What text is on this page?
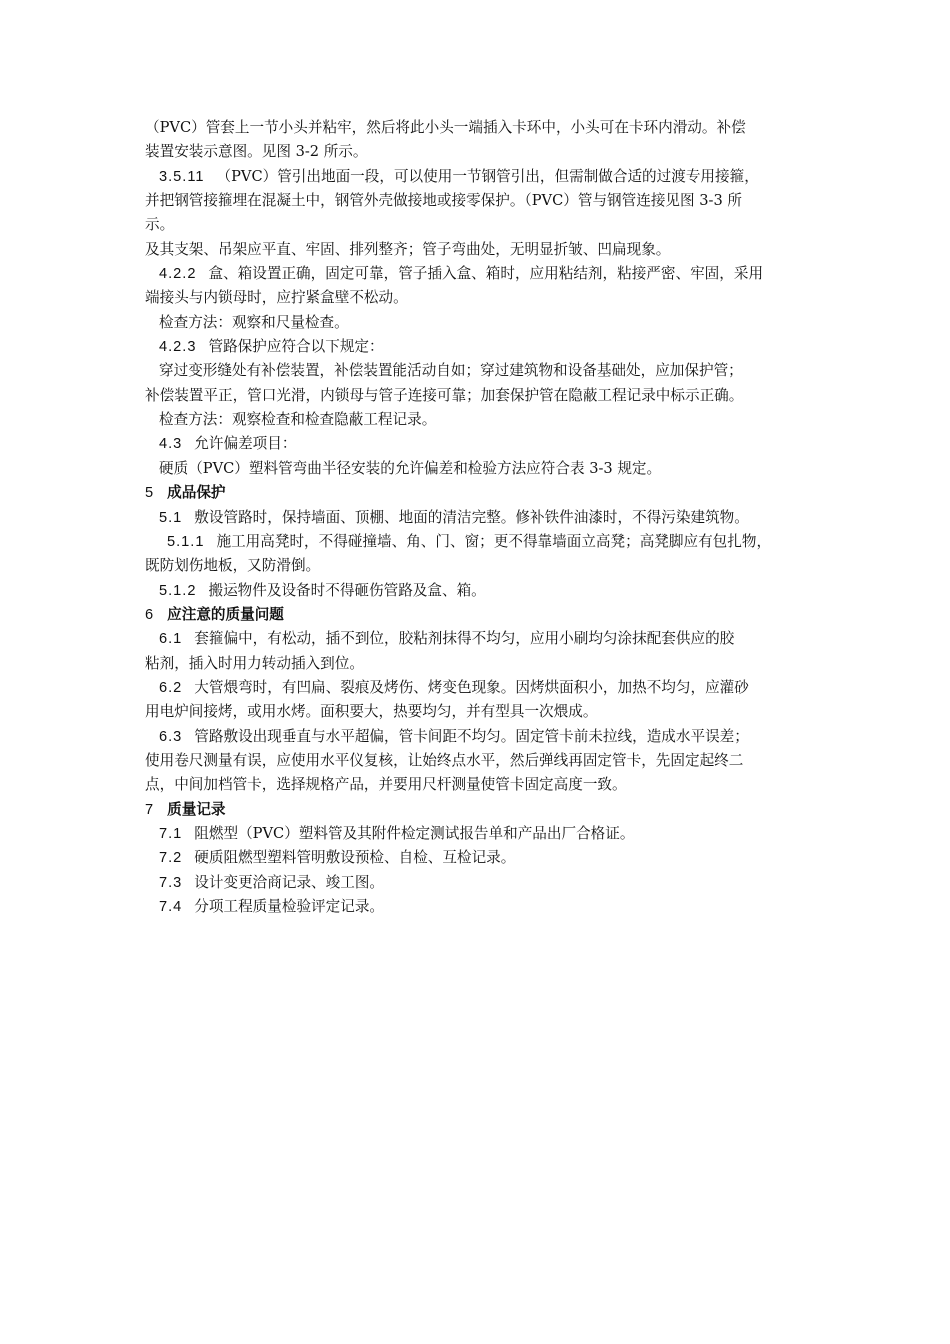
（PVC）管套上一节小头并粘牢，然后将此小头一端插入卡环中，小头可在卡环内滑动。补偿
装置安装示意图。见图 3-2 所示。
3.5.11 （PVC）管引出地面一段，可以使用一节钢管引出，但需制做合适的过渡专用接箍，
并把钢管接箍埋在混凝土中，钢管外壳做接地或接零保护。（PVC）管与钢管连接见图 3-3 所
示。
及其支架、吊架应平直、牢固、排列整齐；管子弯曲处，无明显折皱、凹扁现象。
4.2.2 盒、箱设置正确，固定可靠，管子插入盒、箱时，应用粘结剂，粘接严密、牢固，采用
端接头与内锁母时，应拧紧盒壁不松动。
检查方法：观察和尺量检查。
4.2.3 管路保护应符合以下规定：
穿过变形缝处有补偿装置，补偿装置能活动自如；穿过建筑物和设备基础处，应加保护管；
补偿装置平正，管口光滑，内锁母与管子连接可靠；加套保护管在隐蔽工程记录中标示正确。
检查方法：观察检查和检查隐蔽工程记录。
4.3 允许偏差项目：
硬质（PVC）塑料管弯曲半径安装的允许偏差和检验方法应符合表 3-3 规定。
5 成品保护
5.1 敷设管路时，保持墙面、顶棚、地面的清洁完整。修补铁件油漆时，不得污染建筑物。
5.1.1 施工用高凳时，不得碰撞墙、角、门、窗；更不得靠墙面立高凳；高凳脚应有包扎物，
既防划伤地板，又防滑倒。
5.1.2 搬运物件及设备时不得砸伤管路及盒、箱。
6 应注意的质量问题
6.1 套箍偏中，有松动，插不到位，胶粘剂抹得不均匀，应用小刷均匀涂抹配套供应的胶
粘剂，插入时用力转动插入到位。
6.2 大管煨弯时，有凹扁、裂痕及烤伤、烤变色现象。因烤烘面积小，加热不均匀，应灌砂
用电炉间接烤，或用水烤。面积要大，热要均匀，并有型具一次煨成。
6.3 管路敷设出现垂直与水平超偏，管卡间距不均匀。固定管卡前未拉线，造成水平误差；
使用卷尺测量有误，应使用水平仪复核，让始终点水平，然后弹线再固定管卡，先固定起终二
点，中间加档管卡，选择规格产品，并要用尺杆测量使管卡固定高度一致。
7 质量记录
7.1 阻燃型（PVC）塑料管及其附件检定测试报告单和产品出厂合格证。
7.2 硬质阻燃型塑料管明敷设预检、自检、互检记录。
7.3 设计变更洽商记录、竣工图。
7.4 分项工程质量检验评定记录。
